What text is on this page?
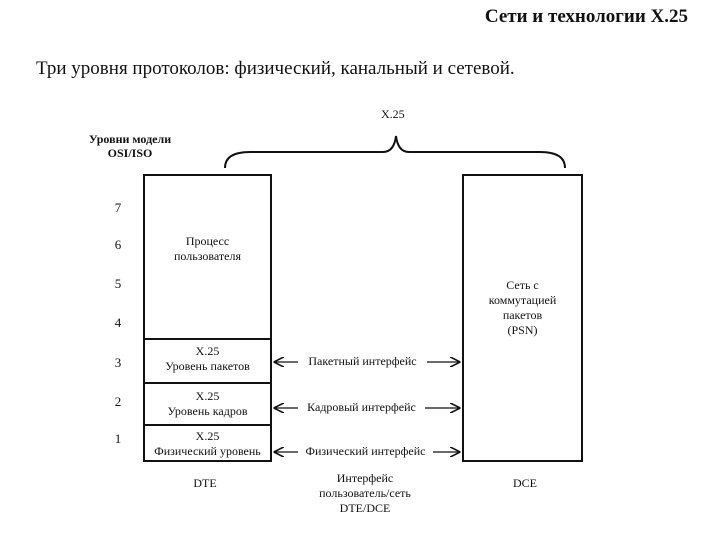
Сети и технологии X.25
Три уровня протоколов: физический, канальный и сетевой.
X.25
Уровни модели
OSI/ISO
7
6
5
4
3
2
1
Процесс
пользователя
X.25
Уровень пакетов
X.25
Уровень кадров
X.25
Физический уровень
Сеть с
коммутацией
пакетов
(PSN)
Пакетный интерфейс
Кадровый интерфейс
Физический интерфейс
DTE	DCE
Интерфейс
пользователь/сеть
DTE/DCE
